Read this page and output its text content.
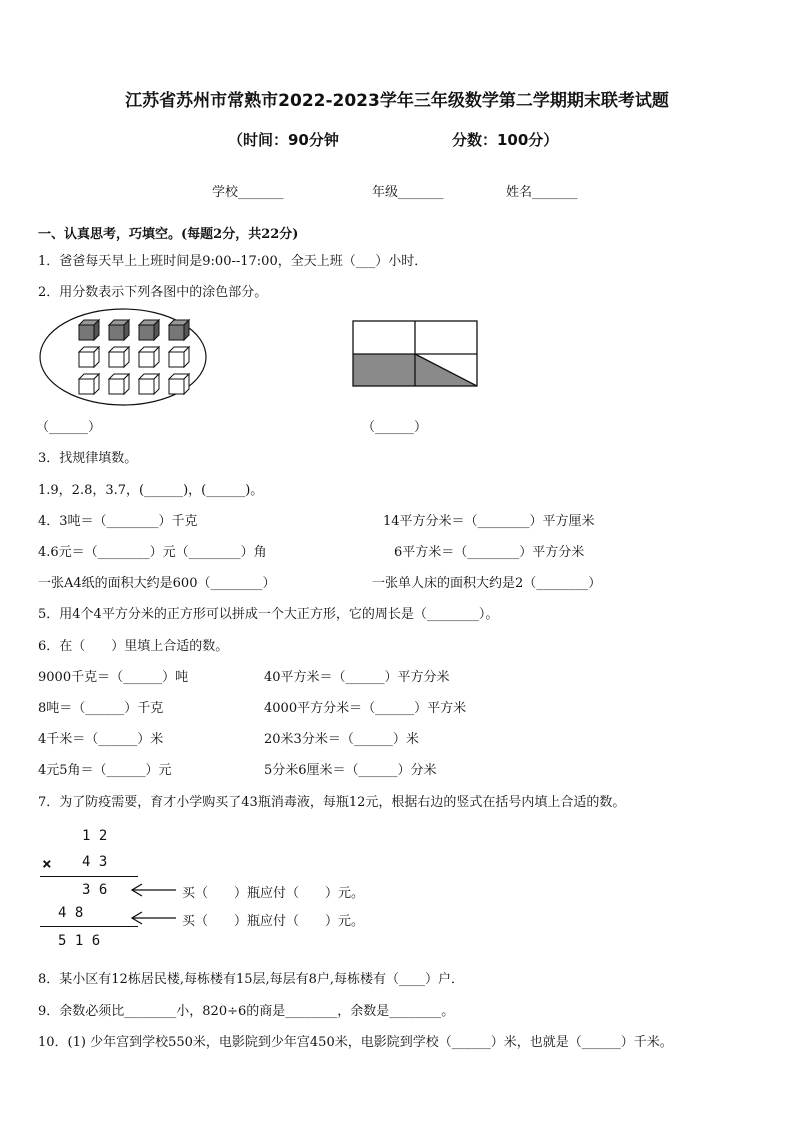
江苏省苏州市常熟市2022-2023学年三年级数学第二学期期末联考试题
（时间：90分钟	分数：100分）
学校_______	年级_______	姓名_______
一、认真思考，巧填空。(每题2分，共22分)
1．爸爸每天早上上班时间是9:00--17:00，全天上班（___）小时．
2．用分数表示下列各图中的涂色部分。
（______）	（______）
3．找规律填数。
1.9，2.8，3.7，(______)，(______)。
4．3吨＝（________）千克	14平方分米＝（________）平方厘米
4.6元＝（________）元（________）角	6平方米＝（________）平方分米
一张A4纸的面积大约是600（________）	一张单人床的面积大约是2（________）
5．用4个4平方分米的正方形可以拼成一个大正方形，它的周长是（________）。
6．在（　　）里填上合适的数。
9000千克＝（______）吨	40平方米＝（______）平方分米
8吨＝（______）千克	4000平方分米＝（______）平方米
4千米＝（______）米	20米3分米＝（______）米
4元5角＝（______）元	5分米6厘米＝（______）分米
7．为了防疫需要，育才小学购买了43瓶消毒液，每瓶12元，根据右边的竖式在括号内填上合适的数。
1 2
× 4 3
3 6
4 8
5 1 6
买（　　）瓶应付（　　）元。
买（　　）瓶应付（　　）元。
8．某小区有12栋居民楼,每栋楼有15层,每层有8户,每栋楼有（____）户．
9．余数必须比________小，820÷6的商是________，余数是________。
10．(1) 少年宫到学校550米，电影院到少年宫450米，电影院到学校（______）米，也就是（______）千米。
